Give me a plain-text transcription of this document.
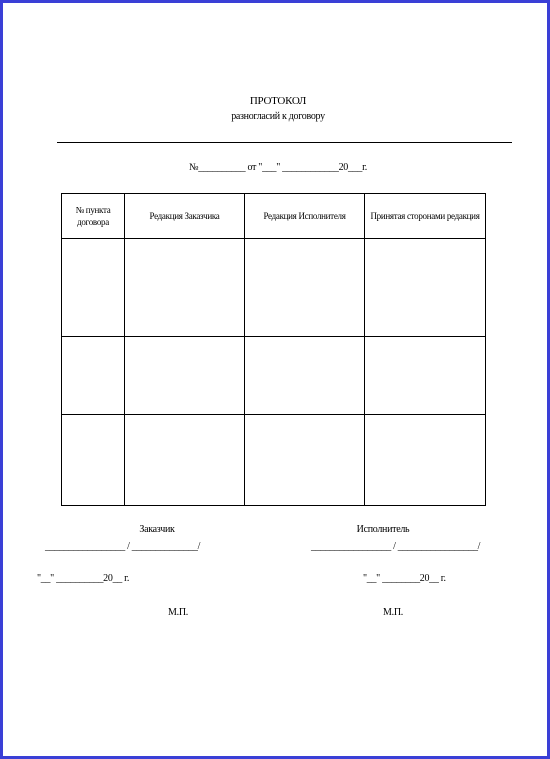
ПРОТОКОЛ
разногласий к договору
№__________ от "___" ____________20___г.
№ пункта договора	Редакция Заказчика	Редакция Исполнителя	Принятая сторонами редакция

Заказчик	Исполнитель
_________________ / ______________/	_________________ / _________________/
"__" __________20__ г.	"__" ________20__ г.
М.П.	М.П.
